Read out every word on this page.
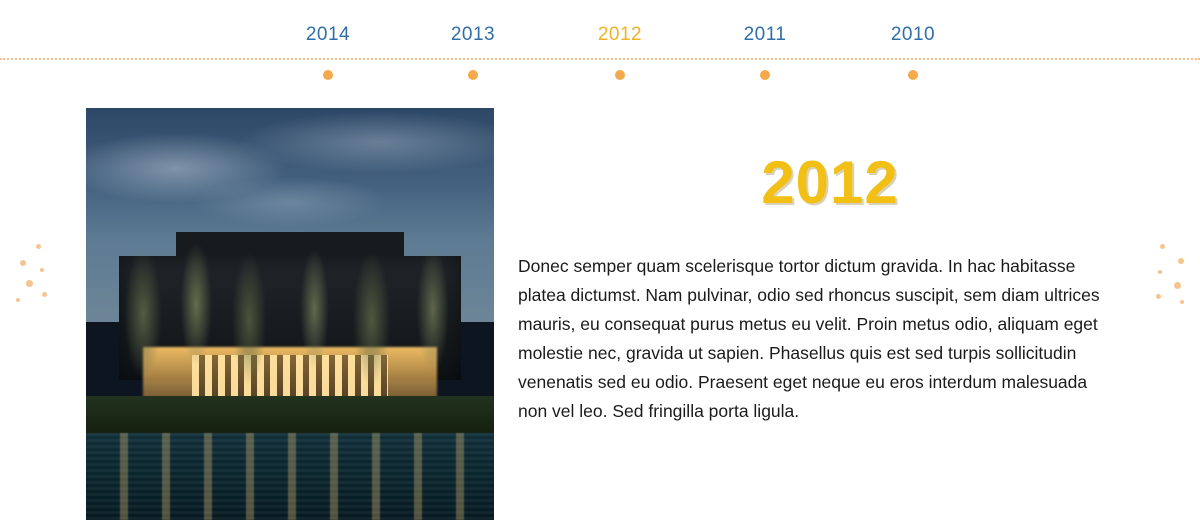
2014	2013	2012	2011	2010
2012
Donec semper quam scelerisque tortor dictum gravida. In hac habitasse platea dictumst. Nam pulvinar, odio sed rhoncus suscipit, sem diam ultrices mauris, eu consequat purus metus eu velit. Proin metus odio, aliquam eget molestie nec, gravida ut sapien. Phasellus quis est sed turpis sollicitudin venenatis sed eu odio. Praesent eget neque eu eros interdum malesuada non vel leo. Sed fringilla porta ligula.
